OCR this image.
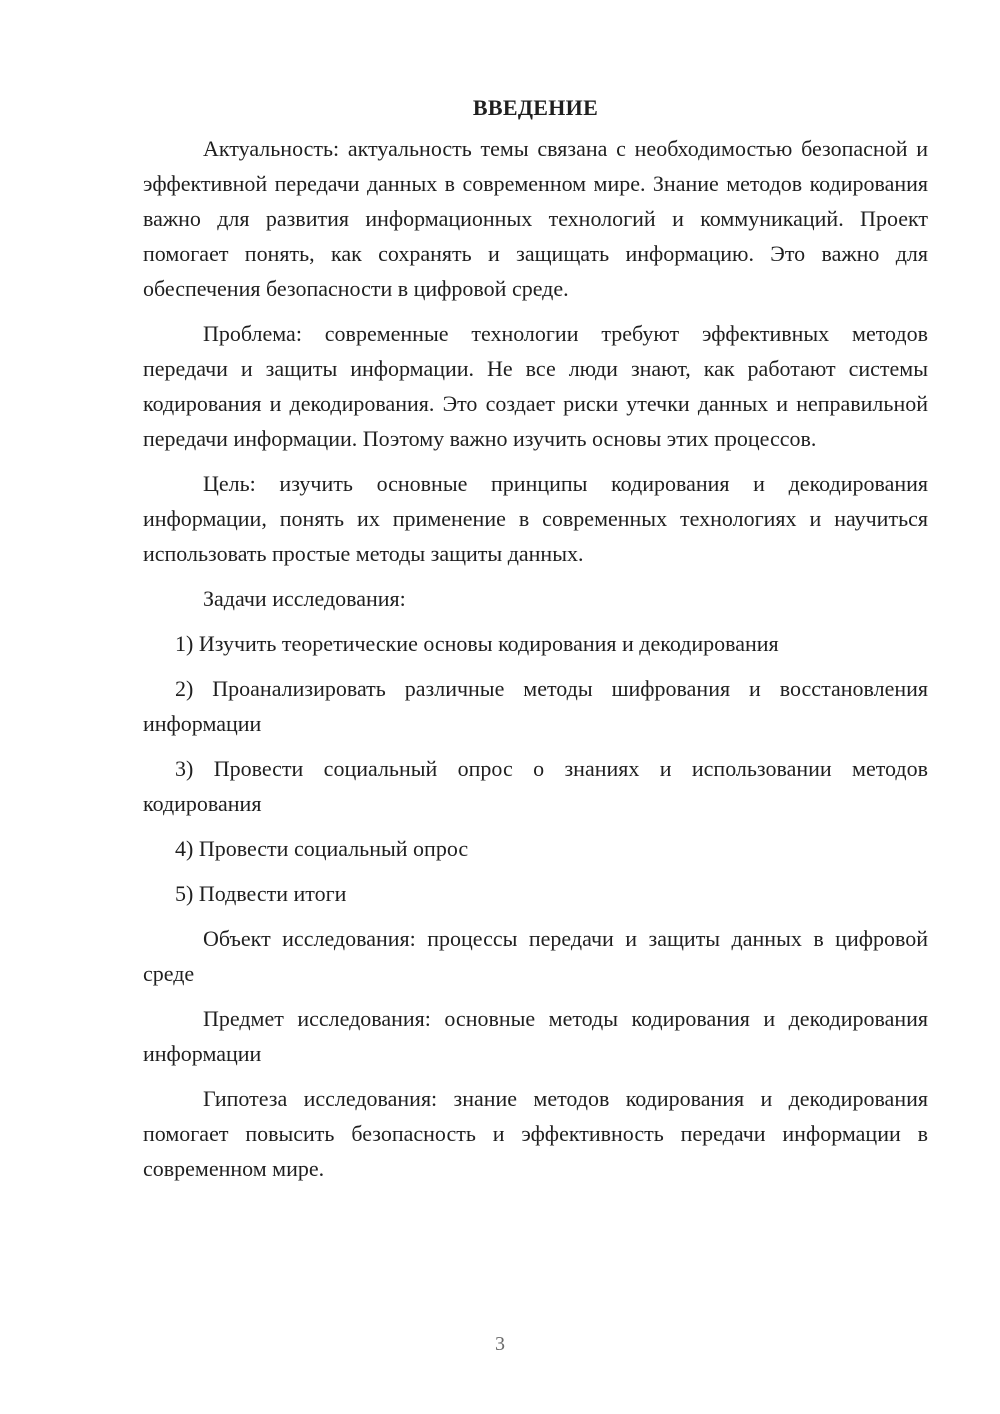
ВВЕДЕНИЕ

Актуальность: актуальность темы связана с необходимостью безопасной и эффективной передачи данных в современном мире. Знание методов кодирования важно для развития информационных технологий и коммуникаций. Проект помогает понять, как сохранять и защищать информацию. Это важно для обеспечения безопасности в цифровой среде.

Проблема: современные технологии требуют эффективных методов передачи и защиты информации. Не все люди знают, как работают системы кодирования и декодирования. Это создает риски утечки данных и неправильной передачи информации. Поэтому важно изучить основы этих процессов.

Цель: изучить основные принципы кодирования и декодирования информации, понять их применение в современных технологиях и научиться использовать простые методы защиты данных.

Задачи исследования:

1) Изучить теоретические основы кодирования и декодирования

2) Проанализировать различные методы шифрования и восстановления информации

3) Провести социальный опрос о знаниях и использовании методов кодирования

4) Провести социальный опрос

5) Подвести итоги

Объект исследования: процессы передачи и защиты данных в цифровой среде

Предмет исследования: основные методы кодирования и декодирования информации

Гипотеза исследования: знание методов кодирования и декодирования помогает повысить безопасность и эффективность передачи информации в современном мире.

3
